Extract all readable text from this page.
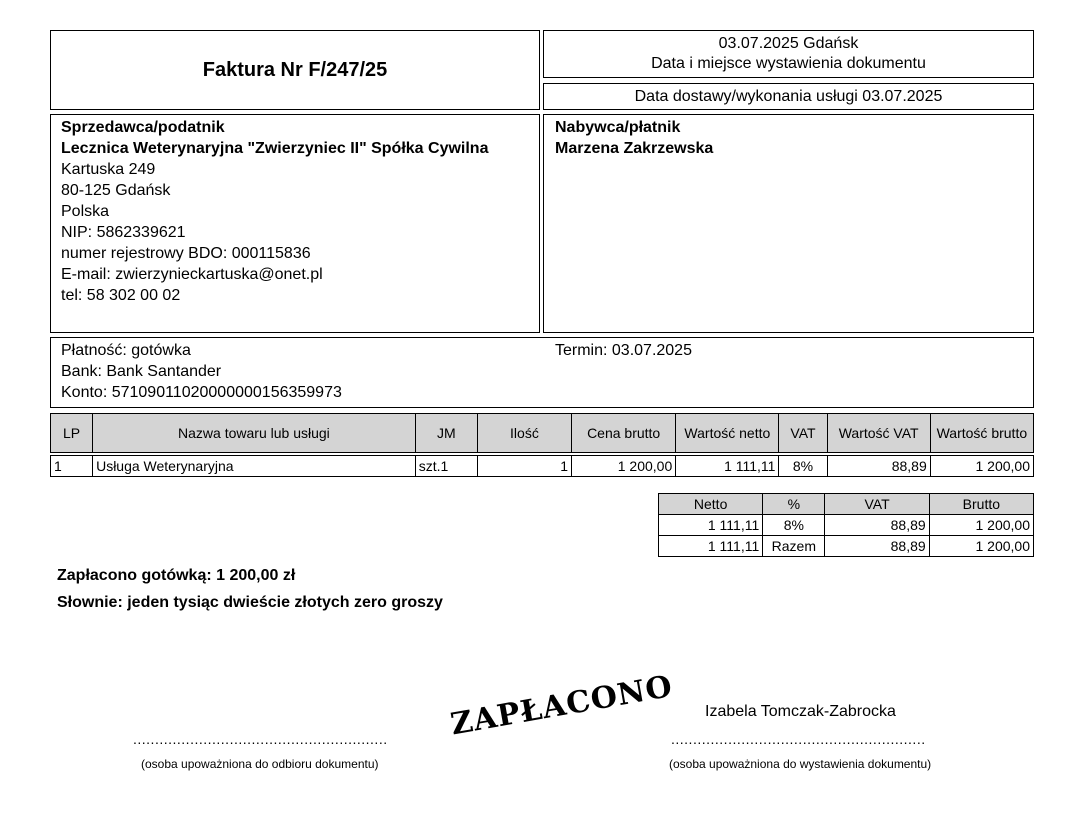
Faktura Nr F/247/25
03.07.2025 Gdańsk
Data i miejsce wystawienia dokumentu
Data dostawy/wykonania usługi 03.07.2025
Sprzedawca/podatnik
Lecznica Weterynaryjna "Zwierzyniec II" Spółka Cywilna
Kartuska 249
80-125 Gdańsk
Polska
NIP: 5862339621
numer rejestrowy BDO: 000115836
E-mail: zwierzynieckartuska@onet.pl
tel: 58 302 00 02
Nabywca/płatnik
Marzena Zakrzewska
Płatność: gotówka
Bank: Bank Santander
Konto: 57109011020000000156359973
Termin: 03.07.2025
LP	Nazwa towaru lub usługi	JM	Ilość	Cena brutto	Wartość netto	VAT	Wartość VAT	Wartość brutto

1	Usługa Weterynaryjna	szt.1	1	1 200,00	1 111,11	8%	88,89	1 200,00
Netto	%	VAT	Brutto
1 111,11	8%	88,89	1 200,00
1 111,11	Razem	88,89	1 200,00
Zapłacono gotówką: 1 200,00 zł
Słownie: jeden tysiąc dwieście złotych zero groszy
..........................................................
(osoba upoważniona do odbioru dokumentu)
Izabela Tomczak-Zabrocka
..........................................................
(osoba upoważniona do wystawienia dokumentu)
ZAPŁACONO
